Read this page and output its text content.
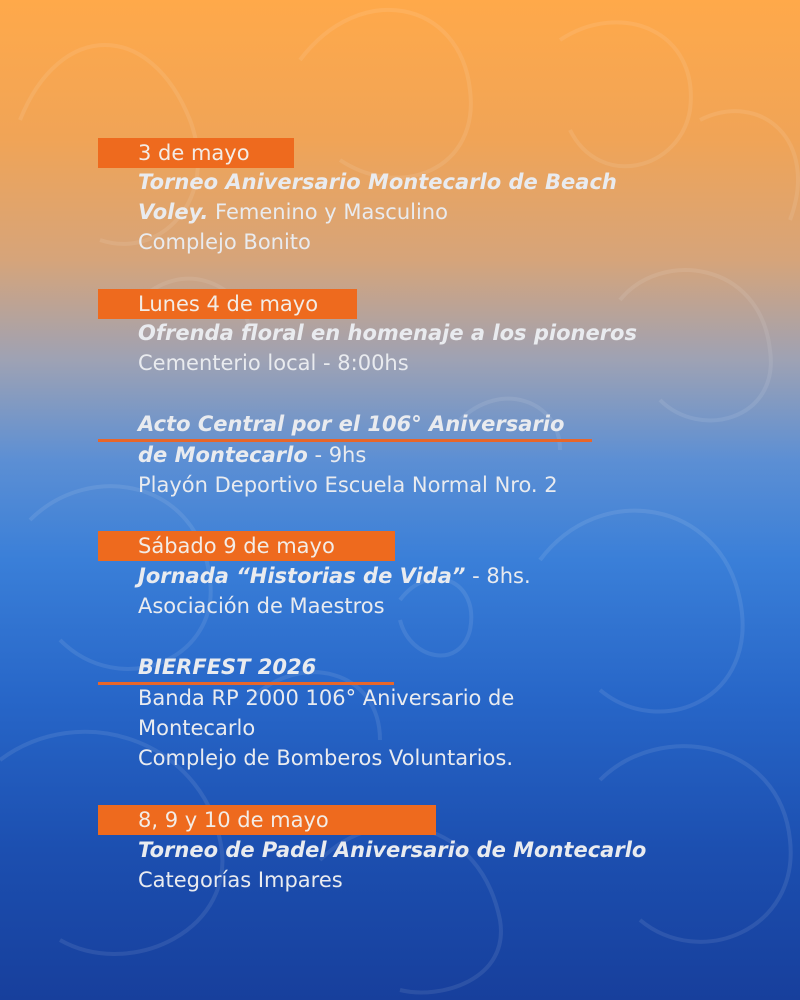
3 de mayo
Torneo Aniversario Montecarlo de Beach
Voley. Femenino y Masculino
Complejo Bonito
Lunes 4 de mayo
Ofrenda floral en homenaje a los pioneros
Cementerio local - 8:00hs
Acto Central por el 106° Aniversario
de Montecarlo - 9hs
Playón Deportivo Escuela Normal Nro. 2
Sábado 9 de mayo
Jornada “Historias de Vida” - 8hs.
Asociación de Maestros
BIERFEST 2026
Banda RP 2000 106° Aniversario de
Montecarlo
Complejo de Bomberos Voluntarios.
8, 9 y 10 de mayo
Torneo de Padel Aniversario de Montecarlo
Categorías Impares
